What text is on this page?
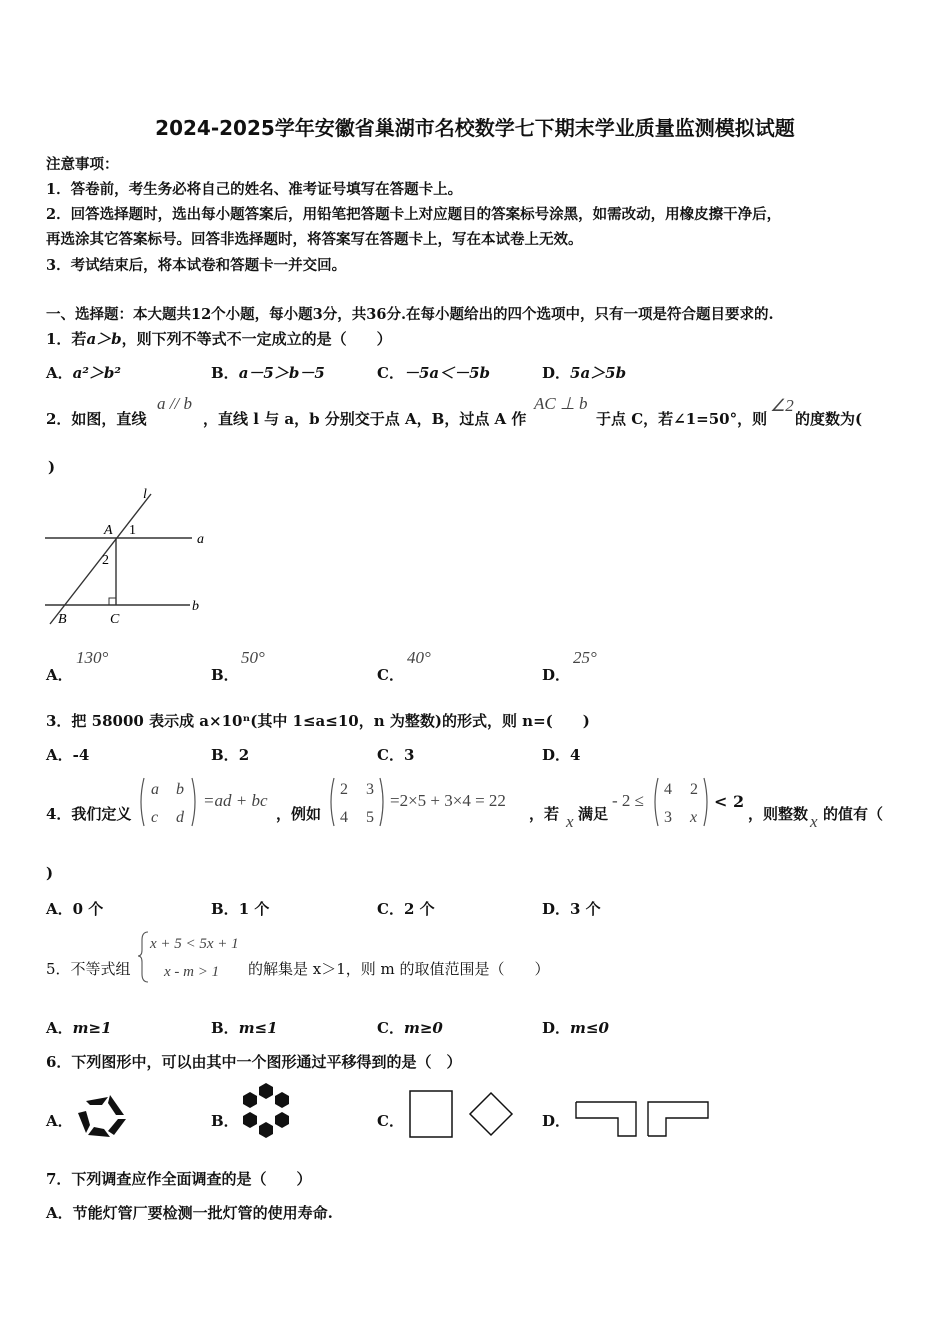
2024-2025学年安徽省巢湖市名校数学七下期末学业质量监测模拟试题
注意事项：
1．答卷前，考生务必将自己的姓名、准考证号填写在答题卡上。
2．回答选择题时，选出每小题答案后，用铅笔把答题卡上对应题目的答案标号涂黑，如需改动，用橡皮擦干净后，
再选涂其它答案标号。回答非选择题时，将答案写在答题卡上，写在本试卷上无效。
3．考试结束后，将本试卷和答题卡一并交回。
一、选择题：本大题共12个小题，每小题3分，共36分.在每小题给出的四个选项中，只有一项是符合题目要求的.
1．若a＞b，则下列不等式不一定成立的是（　　）
A．a²＞b²	B．a－5＞b－5	C．－5a＜－5b	D．5a＞5b
2．如图，直线
a // b
，直线 l 与 a，b 分别交于点 A，B，过点 A 作
AC ⊥ b
于点 C，若∠1=50°，则
∠2
的度数为(
)
l
A 1
a
2
B	C
b
A．
130°
B．
50°
C．
40°
D．
25°
3．把 58000 表示成 a×10ⁿ(其中 1≤a≤10，n 为整数)的形式，则 n=(　　)
A．-4	B．2	C．3	D．4
4．我们定义
a b
c d
=ad + bc
，例如
2 3
4 5
=2×5 + 3×4 = 22
，若 x 满足
- 2 ≤
4 2
3 x
< 2
，则整数 x 的值有（
)
A．0 个	B．1 个	C．2 个	D．3 个
5．不等式组
x + 5 < 5x + 1
x - m > 1 的解集是 x＞1，则 m 的取值范围是（　　）
A．m≥1	B．m≤1	C．m≥0	D．m≤0
6．下列图形中，可以由其中一个图形通过平移得到的是（　）
A．	B．	C．	D．
7．下列调查应作全面调查的是（　　）
A．节能灯管厂要检测一批灯管的使用寿命.
